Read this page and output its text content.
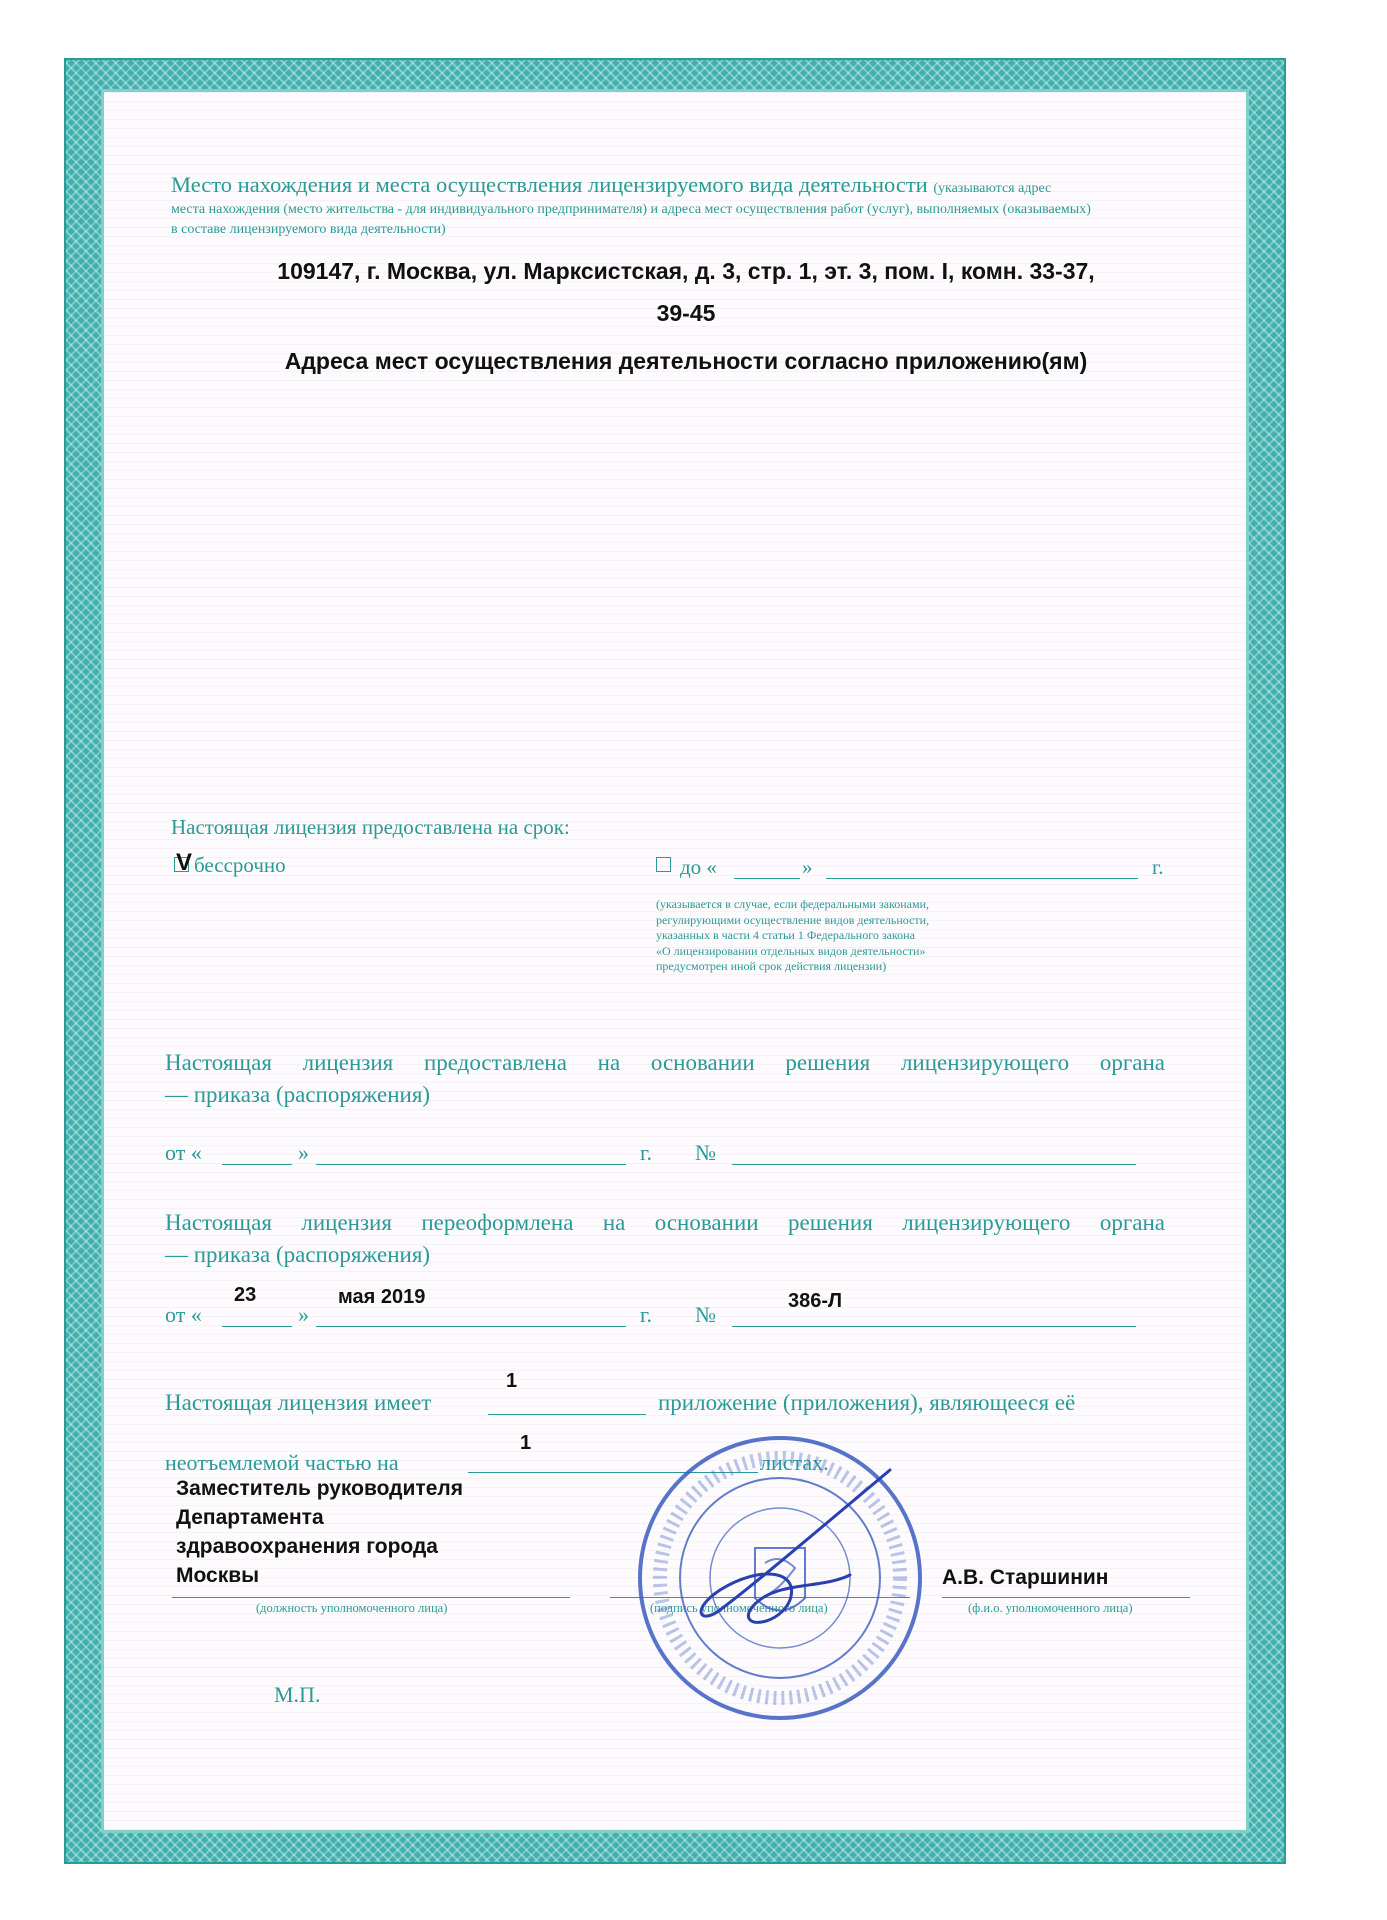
Место нахождения и места осуществления лицензируемого вида деятельности (указываются адрес
места нахождения (место жительства - для индивидуального предпринимателя) и адреса мест осуществления работ (услуг), выполняемых (оказываемых)
в составе лицензируемого вида деятельности)
109147, г. Москва, ул. Марксистская, д. 3, стр. 1, эт. 3, пом. I, комн. 33-37,
39-45
Адреса мест осуществления деятельности согласно приложению(ям)
Настоящая лицензия предоставлена на срок:
V бессрочно	до «	»	г.
(указывается в случае, если федеральными законами,
регулирующими осуществление видов деятельности,
указанных в части 4 статьи 1 Федерального закона
«О лицензировании отдельных видов деятельности»
предусмотрен иной срок действия лицензии)
Настоящая лицензия предоставлена на основании решения лицензирующего органа
— приказа (распоряжения)
от «	»	г. №
Настоящая лицензия переоформлена на основании решения лицензирующего органа
— приказа (распоряжения)
от «
23
»
мая 2019
г. №
386-Л
Настоящая лицензия имеет
1
приложение (приложения), являющееся её
неотъемлемой частью на
1
листах.
Заместитель руководителя
Департамента
здравоохранения города
Москвы	А.В. Старшинин
(должность уполномоченного лица)	(подпись уполномоченного лица)	(ф.и.о. уполномоченного лица)
М.П.
